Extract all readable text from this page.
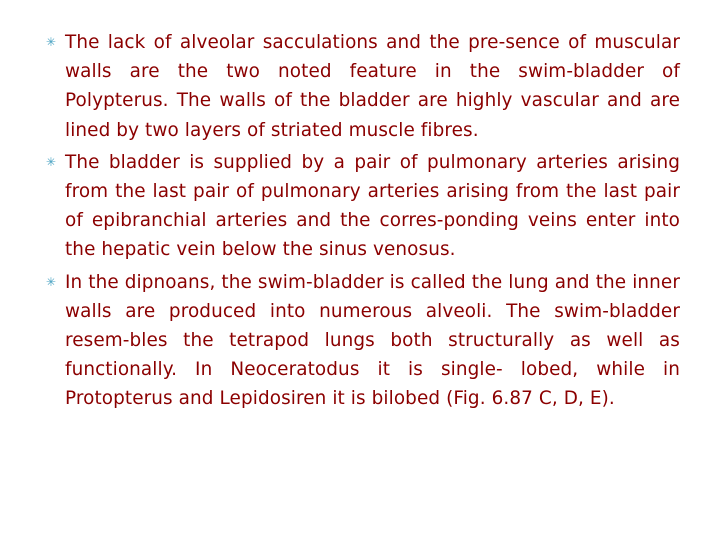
✳ The lack of alveolar sacculations and the pre-sence of muscular walls are the two noted feature in the swim-bladder of Polypterus. The walls of the bladder are highly vascular and are lined by two layers of striated muscle fibres.
✳ The bladder is supplied by a pair of pulmonary arteries arising from the last pair of pulmonary arteries arising from the last pair of epibranchial arteries and the corres-ponding veins enter into the hepatic vein below the sinus venosus.
✳ In the dipnoans, the swim-bladder is called the lung and the inner walls are produced into numerous alveoli. The swim-bladder resem-bles the tetrapod lungs both structurally as well as functionally. In Neoceratodus it is single- lobed, while in Protopterus and Lepidosiren it is bilobed (Fig. 6.87 C, D, E).
